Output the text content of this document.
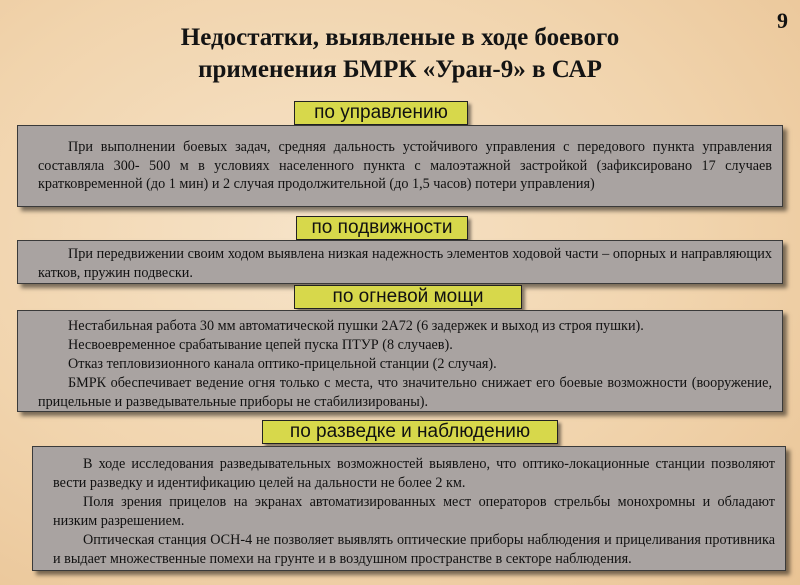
9
Недостатки, выявленые в ходе боевого
применения БМРК «Уран-9» в САР
по управлению

При выполнении боевых задач, средняя дальность устойчивого управления с передового пункта управления составляла 300- 500 м в условиях населенного пункта с малоэтажной застройкой (зафиксировано 17 случаев кратковременной (до 1 мин) и 2 случая продолжительной (до 1,5 часов) потери управления)

по подвижности

При передвижении своим ходом выявлена низкая надежность элементов ходовой части – опорных и направляющих катков, пружин подвески.

по огневой мощи

Нестабильная работа 30 мм автоматической пушки 2А72 (6 задержек и выход из строя пушки).

Несвоевременное срабатывание цепей пуска ПТУР (8 случаев).

Отказ тепловизионного канала оптико-прицельной станции (2 случая).

БМРК обеспечивает ведение огня только с места, что значительно снижает его боевые возможности (вооружение, прицельные и разведывательные приборы не стабилизированы).

по разведке и наблюдению

В ходе исследования разведывательных возможностей выявлено, что оптико-локационные станции позволяют вести разведку и идентификацию целей на дальности не более 2 км.

Поля зрения прицелов на экранах автоматизированных мест операторов стрельбы монохромны и обладают низким разрешением.

Оптическая станция ОСН-4 не позволяет выявлять оптические приборы наблюдения и прицеливания противника и выдает множественные помехи на грунте и в воздушном пространстве в секторе наблюдения.
